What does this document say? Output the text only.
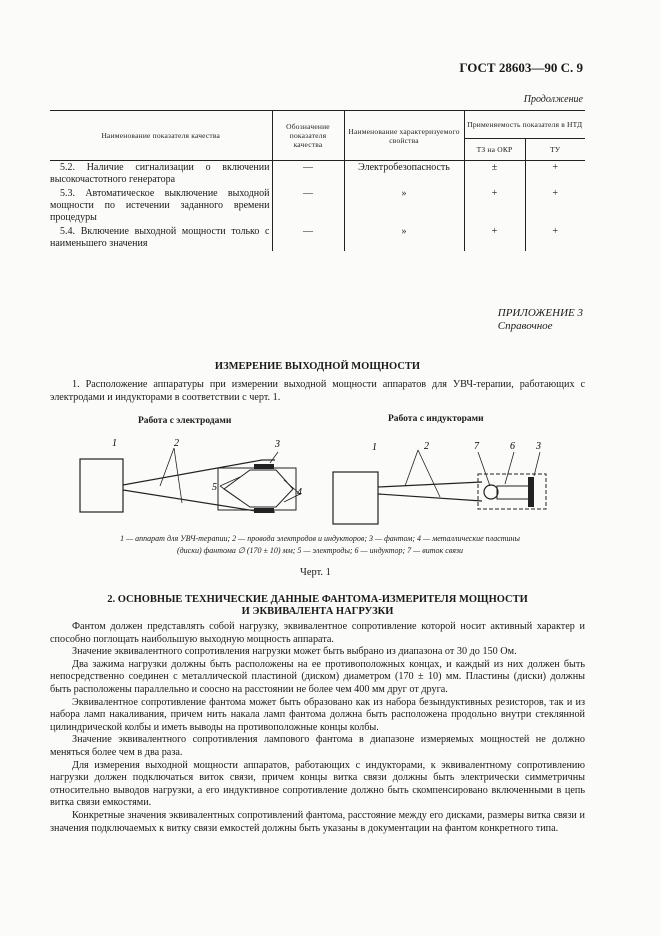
ГОСТ 28603—90 С. 9
Продолжение
Наименование показателя качества	Обозначение показателя качества	Наименование характеризуемого свойства	Применяемость показателя в НТД	
			ТЗ на ОКР	ТУ
5.2. Наличие сигнализации о включении высокочастотного генератора	—	Электробезопасность	±	+
5.3. Автоматическое выключение выходной мощности по истечении заданного времени процедуры	—	»	+	+
5.4. Включение выходной мощности только с наименьшего значения	—	»	+	+
ПРИЛОЖЕНИЕ 3
Справочное
ИЗМЕРЕНИЕ ВЫХОДНОЙ МОЩНОСТИ

1. Расположение аппаратуры при измерении выходной мощности аппаратов для УВЧ-терапии, работающих с электродами и индукторами в соответствии с черт. 1.

Работа с электродами	Работа с индукторами
1	2	3
5	4
1	2	7	6 3
1 — аппарат для УВЧ-терапии; 2 — провода электродов и индукторов; 3 — фантом; 4 — металлические пластины
(диски) фантома ∅ (170 ± 10) мм; 5 — электроды; 6 — индуктор; 7 — виток связи
Черт. 1
2. ОСНОВНЫЕ ТЕХНИЧЕСКИЕ ДАННЫЕ ФАНТОМА-ИЗМЕРИТЕЛЯ МОЩНОСТИ
И ЭКВИВАЛЕНТА НАГРУЗКИ

Фантом должен представлять собой нагрузку, эквивалентное сопротивление которой носит активный характер и способно поглощать наибольшую выходную мощность аппарата.

Значение эквивалентного сопротивления нагрузки может быть выбрано из диапазона от 30 до 150 Ом.

Два зажима нагрузки должны быть расположены на ее противоположных концах, и каждый из них должен быть непосредственно соединен с металлической пластиной (диском) диаметром (170 ± 10) мм. Пластины (диски) должны быть расположены параллельно и соосно на расстоянии не более чем 400 мм друг от друга.

Эквивалентное сопротивление фантома может быть образовано как из набора безындуктивных резисторов, так и из набора ламп накаливания, причем нить накала ламп фантома должна быть расположена продольно внутри стеклянной цилиндрической колбы и иметь выводы на противоположные концы колбы.

Значение эквивалентного сопротивления лампового фантома в диапазоне измеряемых мощностей не должно меняться более чем в два раза.

Для измерения выходной мощности аппаратов, работающих с индукторами, к эквивалентному сопротивлению нагрузки должен подключаться виток связи, причем концы витка связи должны быть электрически симметричны относительно выводов нагрузки, а его индуктивное сопротивление должно быть скомпенсировано включенными в цепь витка связи емкостями.

Конкретные значения эквивалентных сопротивлений фантома, расстояние между его дисками, размеры витка связи и значения подключаемых к витку связи емкостей должны быть указаны в документации на фантом конкретного типа.
